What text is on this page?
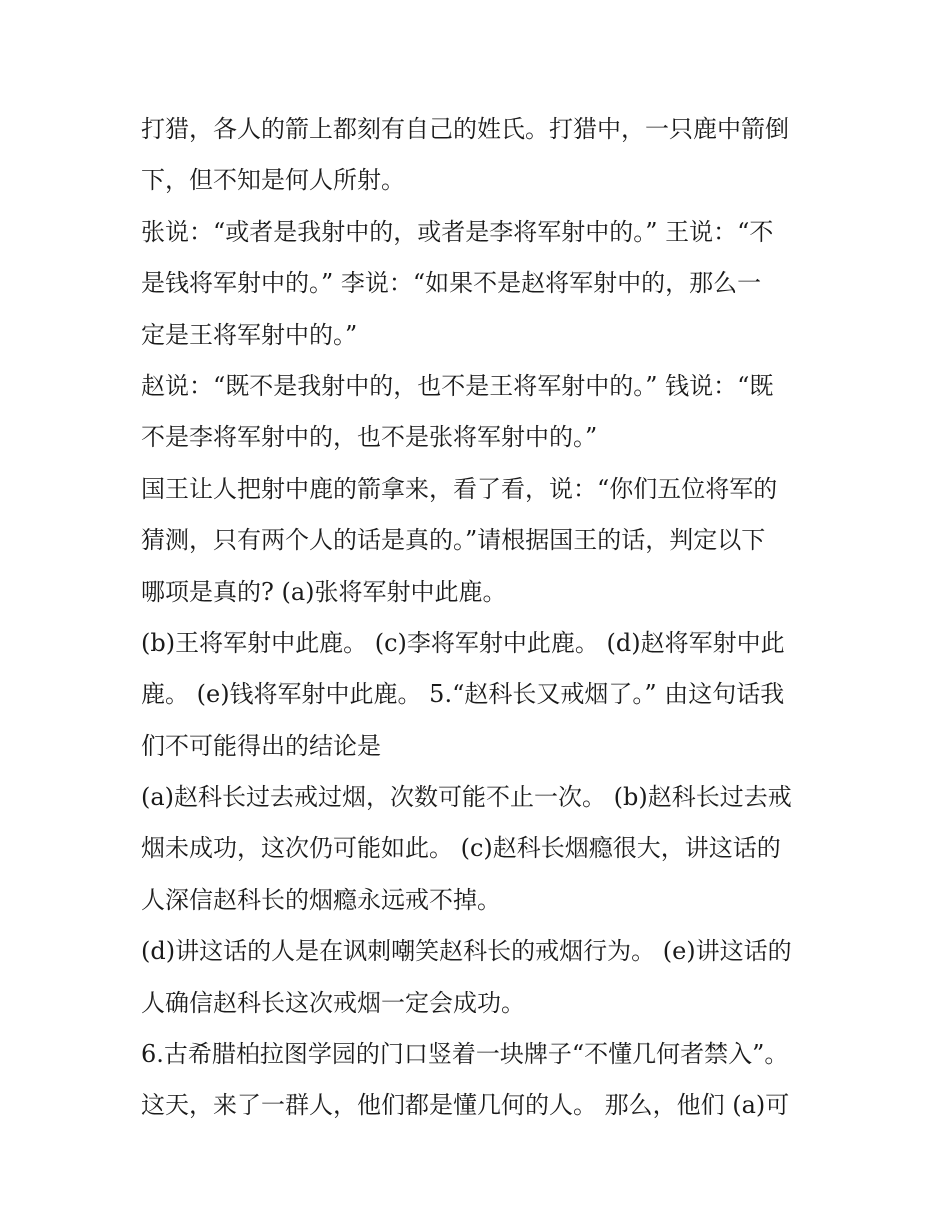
打猎，各人的箭上都刻有自己的姓氏。打猎中，一只鹿中箭倒
下，但不知是何人所射。
张说：“或者是我射中的，或者是李将军射中的。” 王说：“不
是钱将军射中的。” 李说：“如果不是赵将军射中的，那么一
定是王将军射中的。”
赵说：“既不是我射中的，也不是王将军射中的。” 钱说：“既
不是李将军射中的，也不是张将军射中的。”
国王让人把射中鹿的箭拿来，看了看，说：“你们五位将军的
猜测，只有两个人的话是真的。”请根据国王的话，判定以下
哪项是真的? (a)张将军射中此鹿。
(b)王将军射中此鹿。 (c)李将军射中此鹿。 (d)赵将军射中此
鹿。 (e)钱将军射中此鹿。 5.“赵科长又戒烟了。” 由这句话我
们不可能得出的结论是
(a)赵科长过去戒过烟，次数可能不止一次。 (b)赵科长过去戒
烟未成功，这次仍可能如此。 (c)赵科长烟瘾很大，讲这话的
人深信赵科长的烟瘾永远戒不掉。
(d)讲这话的人是在讽刺嘲笑赵科长的戒烟行为。 (e)讲这话的
人确信赵科长这次戒烟一定会成功。
6.古希腊柏拉图学园的门口竖着一块牌子“不懂几何者禁入”。
这天，来了一群人，他们都是懂几何的人。 那么，他们 (a)可
